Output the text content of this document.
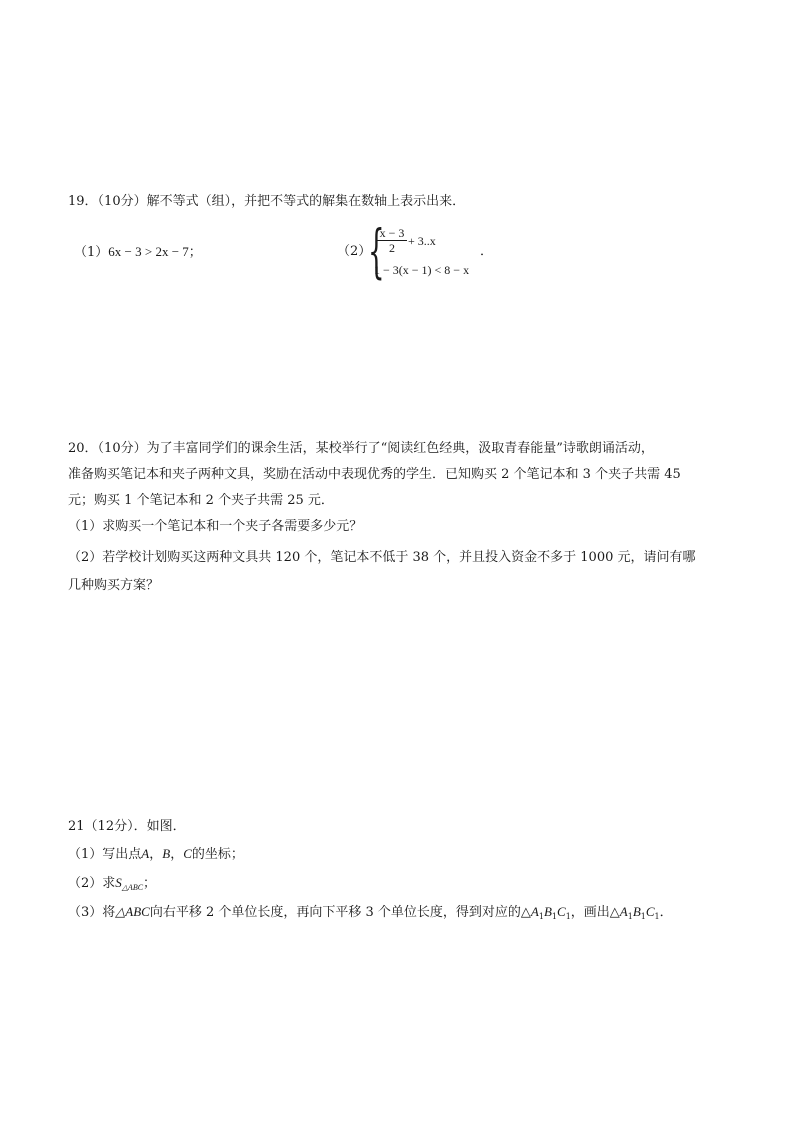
19．（10分）解不等式（组），并把不等式的解集在数轴上表示出来．
（1）6x − 3 > 2x − 7；	（2）
{
$\frac{x - 3}{2} + 3..x$
1 − 3(x − 1) < 8 − x
．
20．（10分）为了丰富同学们的课余生活，某校举行了“阅读红色经典，汲取青春能量”诗歌朗诵活动，
准备购买笔记本和夹子两种文具，奖励在活动中表现优秀的学生．已知购买 2 个笔记本和 3 个夹子共需 45
元；购买 1 个笔记本和 2 个夹子共需 25 元．
（1）求购买一个笔记本和一个夹子各需要多少元？
（2）若学校计划购买这两种文具共 120 个，笔记本不低于 38 个，并且投入资金不多于 1000 元，请问有哪
几种购买方案？
21（12分）．如图．
（1）写出点A，B，C的坐标；
（2）求$S_{\triangle ABC}$；
（3）将△ABC向右平移 2 个单位长度，再向下平移 3 个单位长度，得到对应的$\triangle A_1B_1C_1$，画出$\triangle A_1B_1C_1$．
